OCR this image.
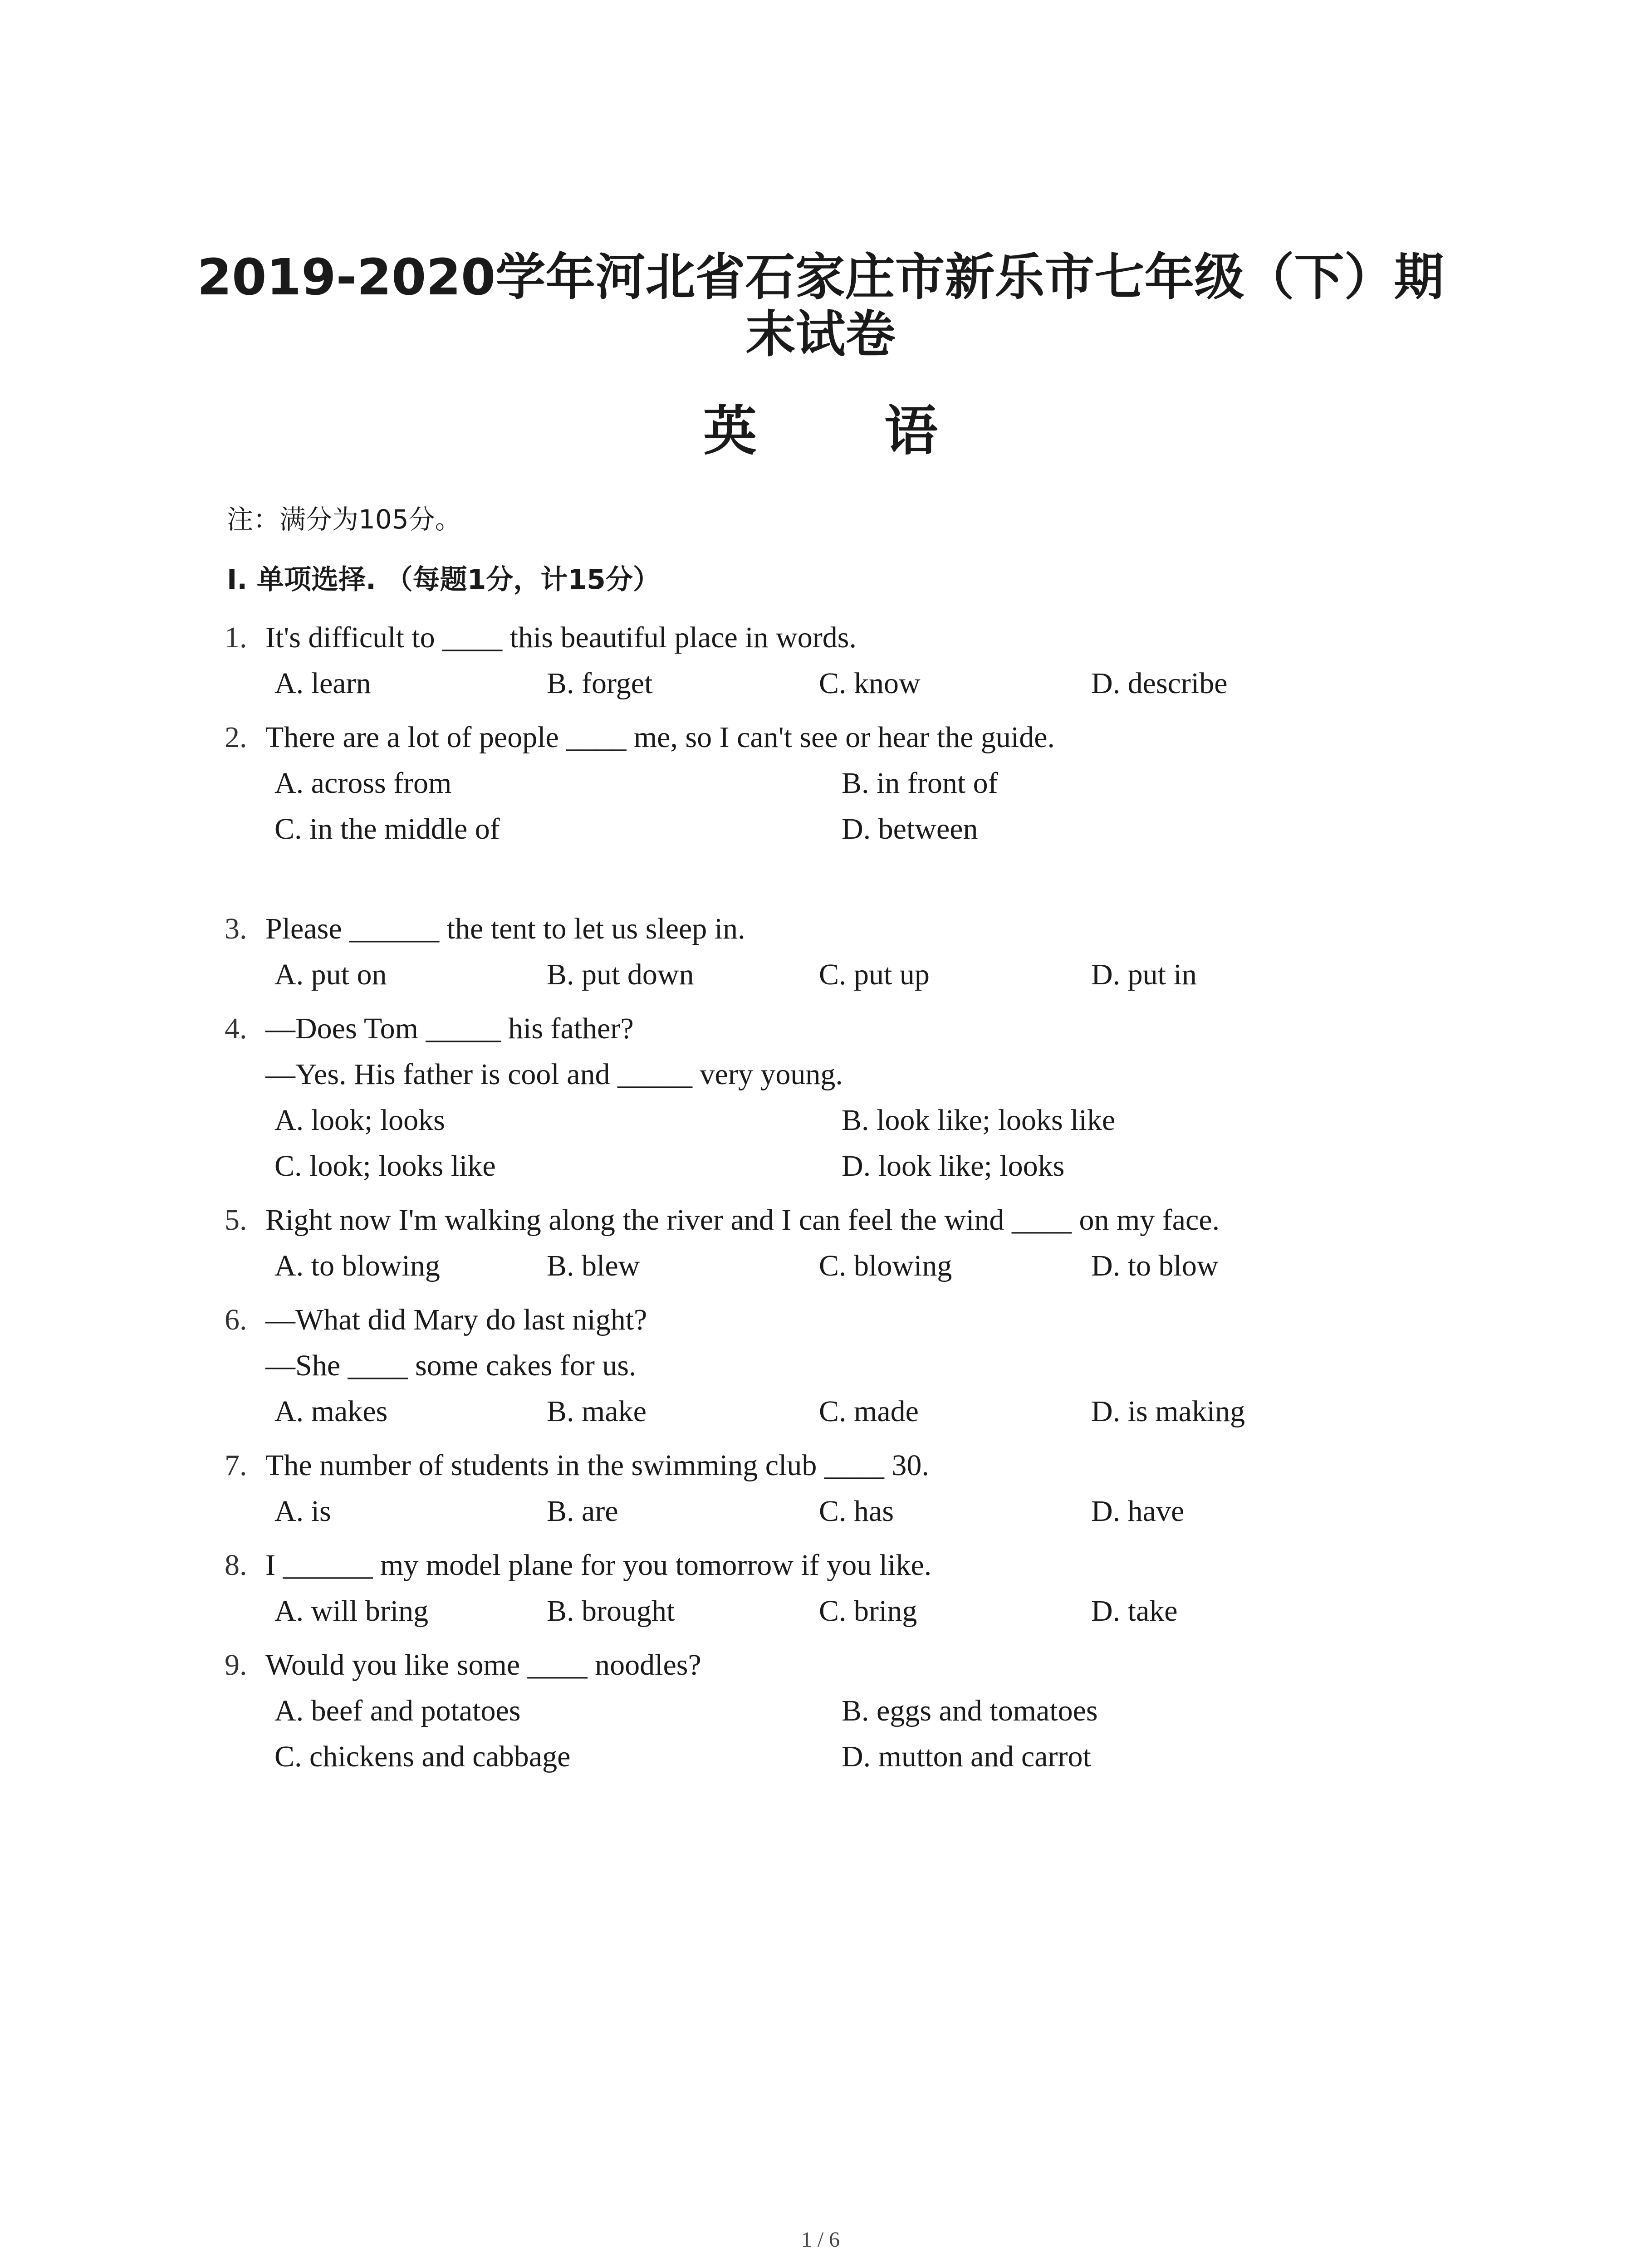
2019-2020学年河北省石家庄市新乐市七年级（下）期末试卷
英 语
注：满分为105分。
I. 单项选择. （每题1分，计15分）
1. It's difficult to ____ this beautiful place in words.
A. learn	B. forget	C. know	D. describe
2. There are a lot of people ____ me, so I can't see or hear the guide.
A. across from	B. in front of
C. in the middle of	D. between
3. Please ______ the tent to let us sleep in.
A. put on	B. put down	C. put up	D. put in
4. —Does Tom _____ his father?
—Yes. His father is cool and _____ very young.
A. look; looks	B. look like; looks like
C. look; looks like	D. look like; looks
5. Right now I'm walking along the river and I can feel the wind ____ on my face.
A. to blowing	B. blew	C. blowing	D. to blow
6. —What did Mary do last night?
—She ____ some cakes for us.
A. makes	B. make	C. made	D. is making
7. The number of students in the swimming club ____ 30.
A. is	B. are	C. has	D. have
8. I ______ my model plane for you tomorrow if you like.
A. will bring	B. brought	C. bring	D. take
9. Would you like some ____ noodles?
A. beef and potatoes	B. eggs and tomatoes
C. chickens and cabbage	D. mutton and carrot
1 / 6
